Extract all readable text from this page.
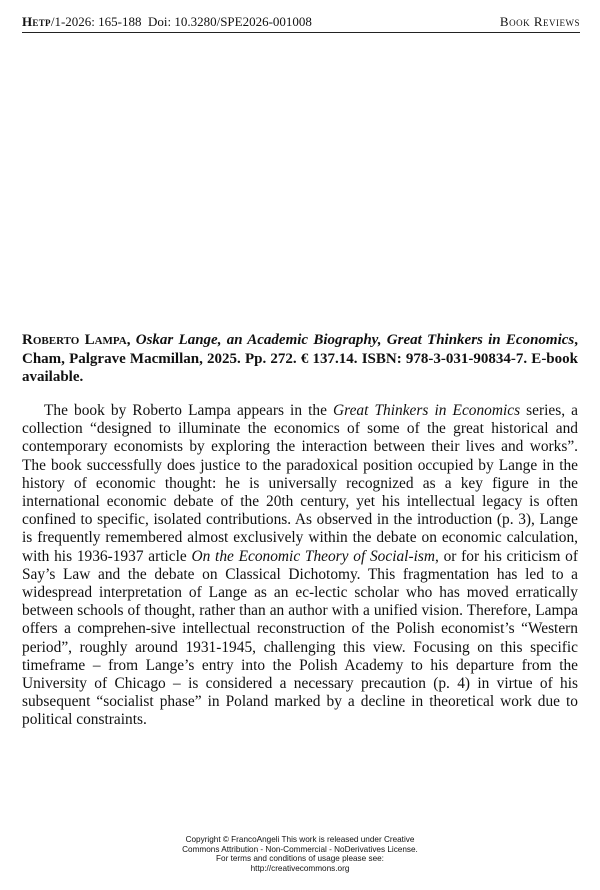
Hetp/1-2026: 165-188 Doi: 10.3280/SPE2026-001008	Book Reviews
Roberto Lampa, Oskar Lange, an Academic Biography, Great Thinkers in Economics, Cham, Palgrave Macmillan, 2025. Pp. 272. € 137.14. ISBN: 978-3-031-90834-7. E-book available.
The book by Roberto Lampa appears in the Great Thinkers in Economics series, a collection “designed to illuminate the economics of some of the great historical and contemporary economists by exploring the interaction between their lives and works”. The book successfully does justice to the paradoxical position occupied by Lange in the history of economic thought: he is universally recognized as a key figure in the international economic debate of the 20th century, yet his intellectual legacy is often confined to specific, isolated contributions. As observed in the introduction (p. 3), Lange is frequently remembered almost exclusively within the debate on economic calculation, with his 1936-1937 article On the Economic Theory of Social-ism, or for his criticism of Say’s Law and the debate on Classical Dichotomy. This fragmentation has led to a widespread interpretation of Lange as an ec-lectic scholar who has moved erratically between schools of thought, rather than an author with a unified vision. Therefore, Lampa offers a comprehen-sive intellectual reconstruction of the Polish economist’s “Western period”, roughly around 1931-1945, challenging this view. Focusing on this specific timeframe – from Lange’s entry into the Polish Academy to his departure from the University of Chicago – is considered a necessary precaution (p. 4) in virtue of his subsequent “socialist phase” in Poland marked by a decline in theoretical work due to political constraints.
Copyright © FrancoAngeli This work is released under Creative
Commons Attribution - Non-Commercial - NoDerivatives License.
For terms and conditions of usage please see:
http://creativecommons.org
